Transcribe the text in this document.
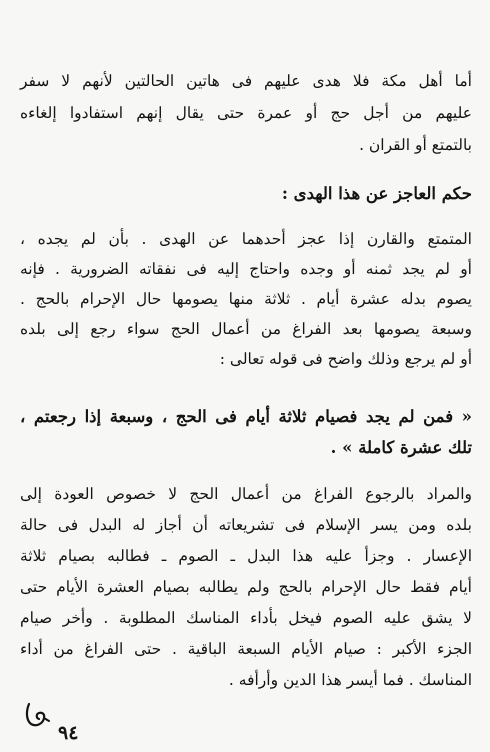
أما أهل مكة فلا هدى عليهم فى هاتين الحالتين لأنهم لا سفر
عليهم من أجل حج أو عمرة حتى يقال إنهم استفادوا إلغاءه
بالتمتع أو القران .
حكم العاجز عن هذا الهدى :
المتمتع والقارن إذا عجز أحدهما عن الهدى . بأن لم يجده ،
أو لم يجد ثمنه أو وجده واحتاج إليه فى نفقاته الضرورية . فإنه
يصوم بدله عشرة أيام . ثلاثة منها يصومها حال الإحرام بالحج .
وسبعة يصومها بعد الفراغ من أعمال الحج سواء رجع إلى بلده
أو لم يرجع وذلك واضح فى قوله تعالى :
« فمن لم يجد فصيام ثلاثة أيام فى الحج ، وسبعة إذا رجعتم ،
تلك عشرة كاملة » .
والمراد بالرجوع الفراغ من أعمال الحج لا خصوص العودة إلى
بلده ومن يسر الإسلام فى تشريعاته أن أجاز له البدل فى حالة
الإعسار . وجزأ عليه هذا البدل ـ الصوم ـ فطالبه بصيام ثلاثة
أيام فقط حال الإحرام بالحج ولم يطالبه بصيام العشرة الأيام حتى
لا يشق عليه الصوم فيخل بأداء المناسك المطلوبة . وأخر صيام
الجزء الأكبر : صيام الأيام السبعة الباقية . حتى الفراغ من أداء
المناسك . فما أيسر هذا الدين وأرأفه .
٩٤
